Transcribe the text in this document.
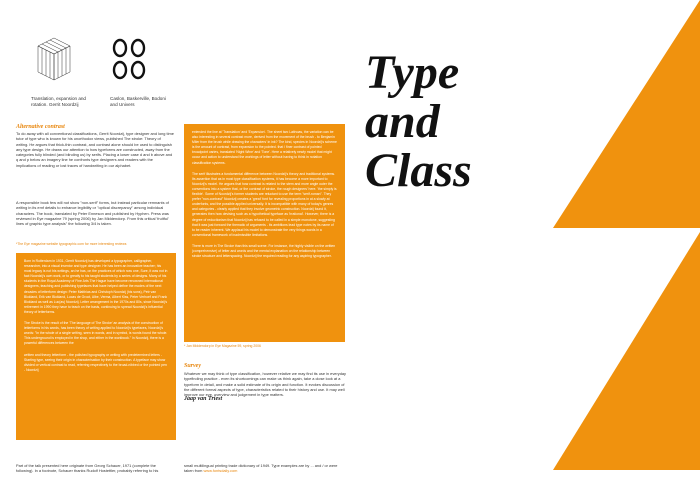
Translation, expansion and rotation. Gerrit Noordzij
Caslon, Baskerville, Bodoni and Univers
Alternative contrast
To do away with all conventional classifications, Gerrit Noordzij, type designer and long time tutor of type who is known for his unorthodox views, published The stroke: Theory of writing. He argues that thick-thin contrast, and contrast alone should be used to distinguish any type design. He draws our attention to how typeforms are constructed, away from the categories fully blinded (and blinding us) by serifs. Placing a lower case d and b above and q and p below an imagery line he confronts type designers and readers with the implications of reading or lost traces of handwriting in our alphabet.
A responsible book few will not show "non-serif" forms, but instead particular remnants of writing in its emf details to enhance legibility or "optical discrepancy" among individual characters. The book, translated by Peter Enneson and published by Hyphen. Press was reviewed in Eye magazine 79 (spring 2006) by Jan Middendorp. From this critical 'fruitful' lines of graphic type analysis" the following 3/4 is taken.
*The Eye magazine website typographic.com for more interesting reviews

Born in Rotterdam in 1931, Gerrit Noordzij has developed a typographer, calligrapher, researcher, into a visual inventor and type designer. He has been an innovative teacher; his most legacy is not his writings, an he has, on the practices of which now one, Sure, it was not in fact Noordzij's own work, or to greatly to his taught students by a series of designs. Many of his students in the Royal Academy of Fine Arts The Hague have become renowned international designers, teaching and publishing typefaces that have helped define the modes of the next decades of letterform design: Peter Matthias and Christoph Noordzij (his sons), Petr van Blokland, Erik van Blokland, Lucas de Groot, Albe, Verma, Albert Kiss, Peter Verhoef and Frank Blokland as well as Luc(as) Noordzij. Letter arrangement in the 1970s and 80s, since Noordzij's retirement in 1990 they have to teach on the basis, continuing to spread Noordzij's influential theory of letterforms.

The Stroke is the result of the 'The language of The Stroke' an analysis of the construction of letterforms in his words, has been theory of writing applied to Noordzij's typefaces, Noordzij's words: "In the whole of a single writing, seen in words, and in symbol, is words found the whole. This underground is employed in the shop, and either in the workbook." In Noordzij, there is a powerful differences between the

written and theory letterform - the polished typography or writing with predetermined letters - Starting type, seeing their origin in characterisation by their construction. A typeface may show divided or vertical contrast to read, referring respectively to the broad-nibbed or the pointed pen - Noordzij

extended the line at 'Translation' and 'Expansion'. The sheet two Latinoas, the variation can be also interesting in several contrast more, derived from the movement of the brush - to Benjamin Miler from the brush while drawing the characters' in ink? The kind, species in Noordzij's scheme is the amount of contrast, from expansion to the pointed. that / finer contrast of pointed broadpoint varies, translated 'Night Wine' and 'Tone'. Here a relatively newly model that might occur and action to understand the workings of letter without having to think in notation classification systems.

The serif illustrates a fundamental difference between Noordzij's theory and traditional systems. Its assertion that as in most type classification systems, it has become a more important to Noordzij's model. He argues that how contrast is related to the stem and more angle outer the conventions into a system that, or the contrast of stroke, the rough designers' here. 'the simply is flexible'. Some of Noordzij's former students are reluctant to use the term "serif-roman". They prefer "non-contrast" Noordzij creates a 'great' font for revealing proportions in at a slowly at underfonts, and the possible applied universally. It is incompatible with many of today's genres and categories - clearly applied that they involve geometric construction. Noordzij found it, generates then how devising such as a hypothetical typeface as 'irrational'. However, there is a degree of reductionism that Noordzij has refused to be called in a simple monotone, suggesting that it was just forward the thematic of arguments - its ambitions lead type notes by its name of to be reader inherent. We applaud his model to demonstrate the very things words in a conventional framework of inadmissible limitations.

There is more in The Stroke than this small scene. For instance, the highly visible on the written (comprehensive) of letter and words and the mental explanation on the relationship between stroke structure and letterspacing. Noordzij the required reading for any aspiring typographer.

* Jan Middendorp in Eye Magazine 59, spring 2006
Survey
Whatever we may think of type classification, however relative we may find its use in everyday typefinding practice - even its shortcomings can make us think again, take a close look at a typeform in detail, and make a solid estimate of its origin and function. It evokes discussion of the different formal aspects of type, characteristics related to their history and use. It may well improve our eye, overview and judgement in type matters.
Jaap van Triest
Type
and
Class
Part of the talk presented here originate from Georg Schauer, 1971 (complete the following). In a footnote, Schauer thanks Rudolf Hostettler, probably referring to his
small multilingual printing trade dictionary of 1949. Type examples are by ... and / or were taken from www.fontsdaily.com
